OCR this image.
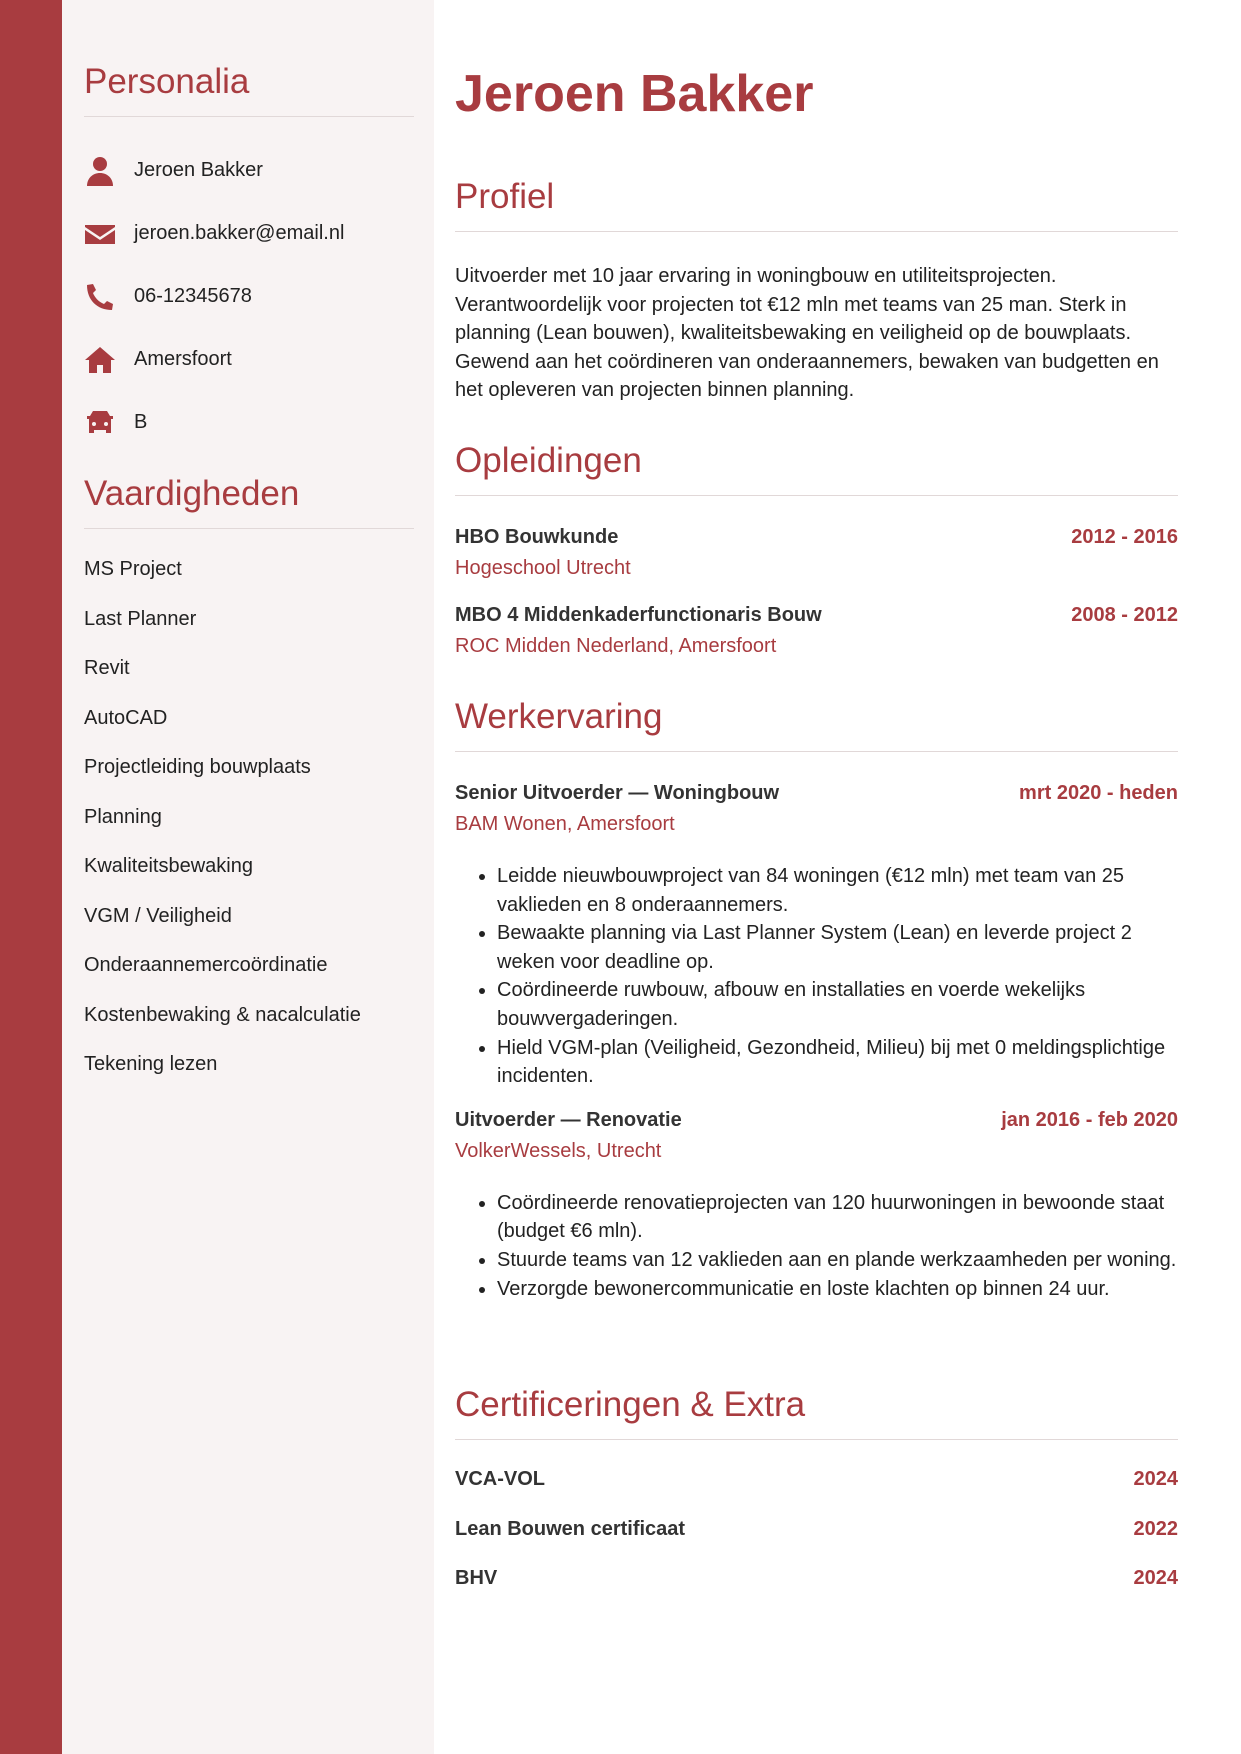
Personalia
Jeroen Bakker
jeroen.bakker@email.nl
06-12345678
Amersfoort
B
Vaardigheden
MS Project
Last Planner
Revit
AutoCAD
Projectleiding bouwplaats
Planning
Kwaliteitsbewaking
VGM / Veiligheid
Onderaannemercoördinatie
Kostenbewaking & nacalculatie
Tekening lezen
Jeroen Bakker
Profiel

Uitvoerder met 10 jaar ervaring in woningbouw en utiliteitsprojecten. Verantwoordelijk voor projecten tot €12 mln met teams van 25 man. Sterk in planning (Lean bouwen), kwaliteitsbewaking en veiligheid op de bouwplaats. Gewend aan het coördineren van onderaannemers, bewaken van budgetten en het opleveren van projecten binnen planning.

Opleidingen
HBO Bouwkunde	2012 - 2016
Hogeschool Utrecht
MBO 4 Middenkaderfunctionaris Bouw	2008 - 2012
ROC Midden Nederland, Amersfoort
Werkervaring
Senior Uitvoerder — Woningbouw	mrt 2020 - heden
BAM Wonen, Amersfoort
• Leidde nieuwbouwproject van 84 woningen (€12 mln) met team van 25 vaklieden en 8 onderaannemers.
• Bewaakte planning via Last Planner System (Lean) en leverde project 2 weken voor deadline op.
• Coördineerde ruwbouw, afbouw en installaties en voerde wekelijks bouwvergaderingen.
• Hield VGM-plan (Veiligheid, Gezondheid, Milieu) bij met 0 meldingsplichtige incidenten.
Uitvoerder — Renovatie	jan 2016 - feb 2020
VolkerWessels, Utrecht
• Coördineerde renovatieprojecten van 120 huurwoningen in bewoonde staat (budget €6 mln).
• Stuurde teams van 12 vaklieden aan en plande werkzaamheden per woning.
• Verzorgde bewonercommunicatie en loste klachten op binnen 24 uur.
Certificeringen & Extra
VCA-VOL	2024
Lean Bouwen certificaat	2022
BHV	2024
